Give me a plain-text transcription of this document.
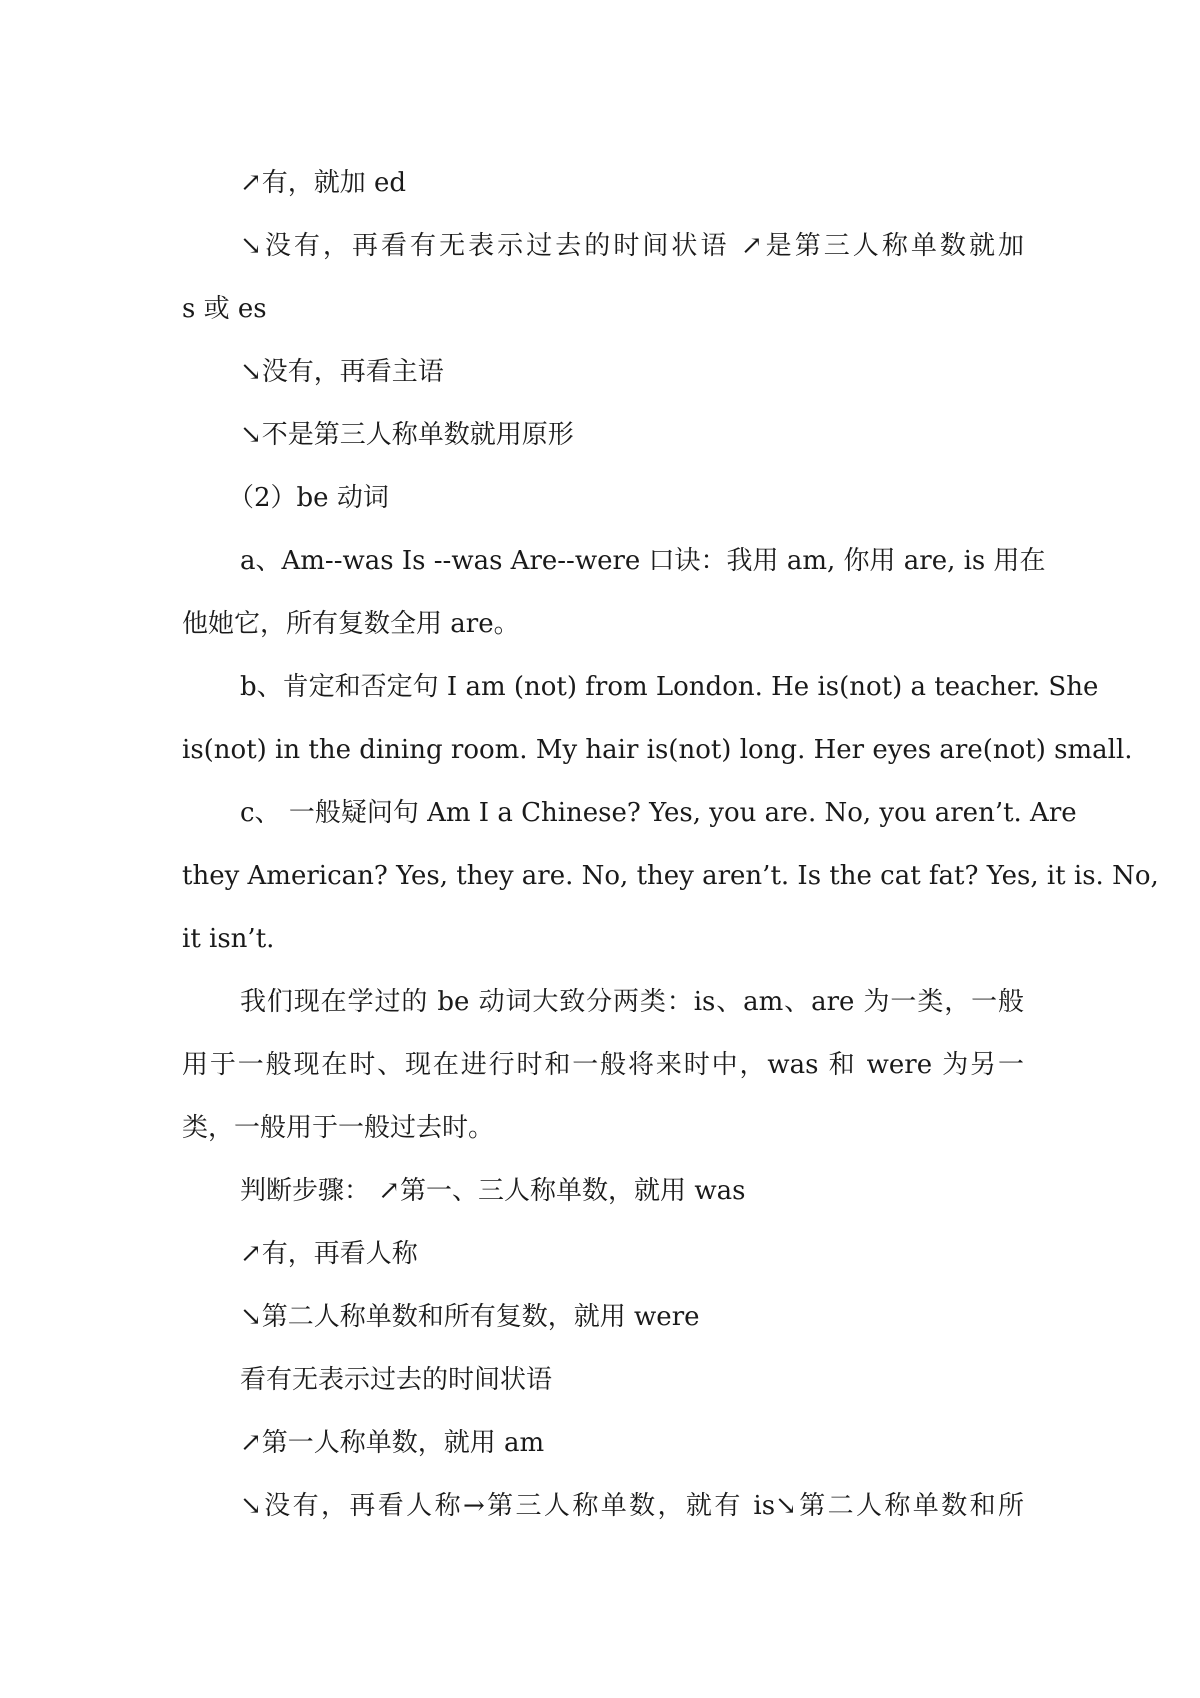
↗有，就加 ed
↘没有，再看有无表示过去的时间状语 ↗是第三人称单数就加
s 或 es
↘没有，再看主语
↘不是第三人称单数就用原形
（2）be 动词
a、Am--was Is --was Are--were 口诀：我用 am, 你用 are, is 用在
他她它，所有复数全用 are。
b、肯定和否定句 I am (not) from London. He is(not) a teacher. She
is(not) in the dining room. My hair is(not) long. Her eyes are(not) small.
c、 一般疑问句 Am I a Chinese? Yes, you are. No, you aren’t. Are
they American? Yes, they are. No, they aren’t. Is the cat fat? Yes, it is. No,
it isn’t.
我们现在学过的 be 动词大致分两类：is、am、are 为一类，一般
用于一般现在时、现在进行时和一般将来时中，was 和 were 为另一
类，一般用于一般过去时。
判断步骤： ↗第一、三人称单数，就用 was
↗有，再看人称
↘第二人称单数和所有复数，就用 were
看有无表示过去的时间状语
↗第一人称单数，就用 am
↘没有，再看人称→第三人称单数，就有 is↘第二人称单数和所
